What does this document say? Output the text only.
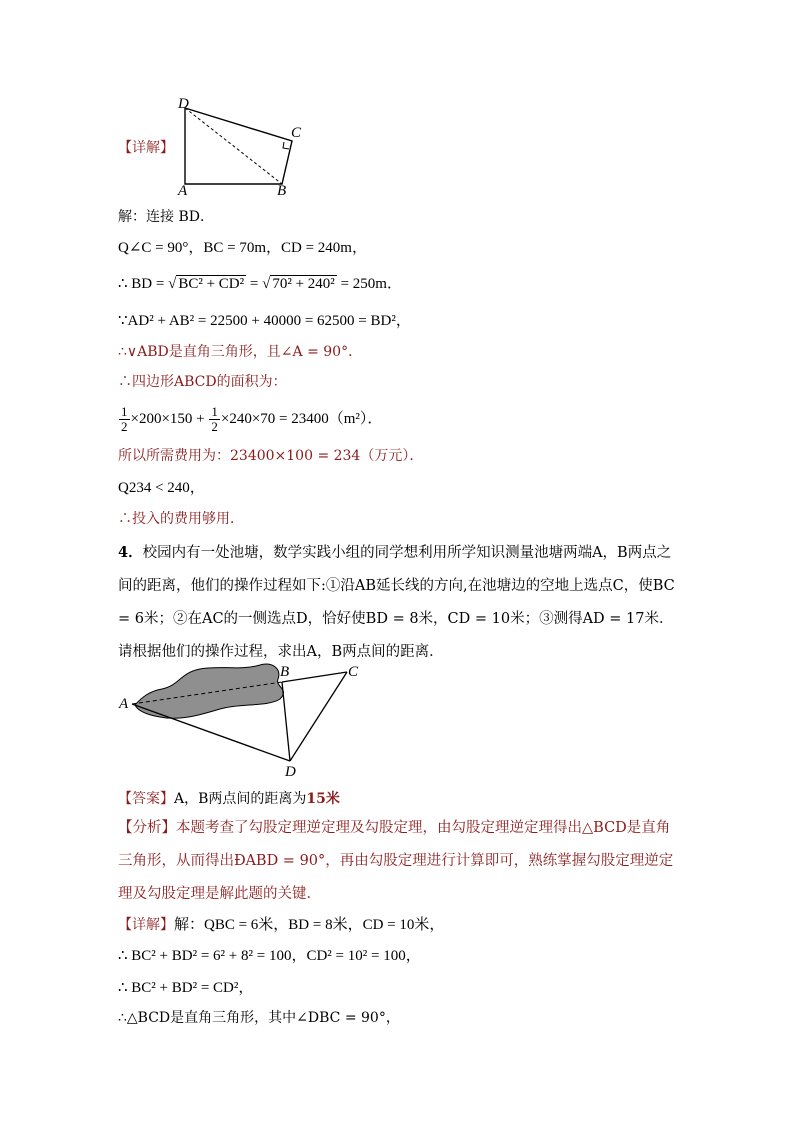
【详解】
D
C
A	B
解：连接 BD．
Q∠C = 90°，BC = 70m，CD = 240m，
∴ BD = √ BC² + CD² = √ 70² + 240² = 250m．
∵AD² + AB² = 22500 + 40000 = 62500 = BD²，
∴∨ABD是直角三角形，且∠A = 90°．
∴四边形ABCD的面积为：
$\frac{1}{2} \times 200\times 150 + \frac{1}{2} \times 240\times 70 = 23400(m^2)$．
所以所需费用为：23400×100 = 234（万元）．
Q234 < 240，
∴投入的费用够用．
4．校园内有一处池塘，数学实践小组的同学想利用所学知识测量池塘两端A，B两点之间的距离，他们的操作过程如下:①沿AB延长线的方向,在池塘边的空地上选点C，使BC = 6米；②在AC的一侧选点D，恰好使BD = 8米，CD = 10米；③测得AD = 17米．请根据他们的操作过程，求出A，B两点间的距离．
A
B	C
D
【答案】A，B两点间的距离为15米
【分析】本题考查了勾股定理逆定理及勾股定理，由勾股定理逆定理得出△BCD是直角三角形，从而得出ÐABD = 90°，再由勾股定理进行计算即可，熟练掌握勾股定理逆定理及勾股定理是解此题的关键．
【详解】解：QBC = 6米，BD = 8米，CD = 10米，
∴ BC² + BD² = 6² + 8² = 100，CD² = 10² = 100，
∴ BC² + BD² = CD²，
∴△BCD是直角三角形，其中∠DBC = 90°，
